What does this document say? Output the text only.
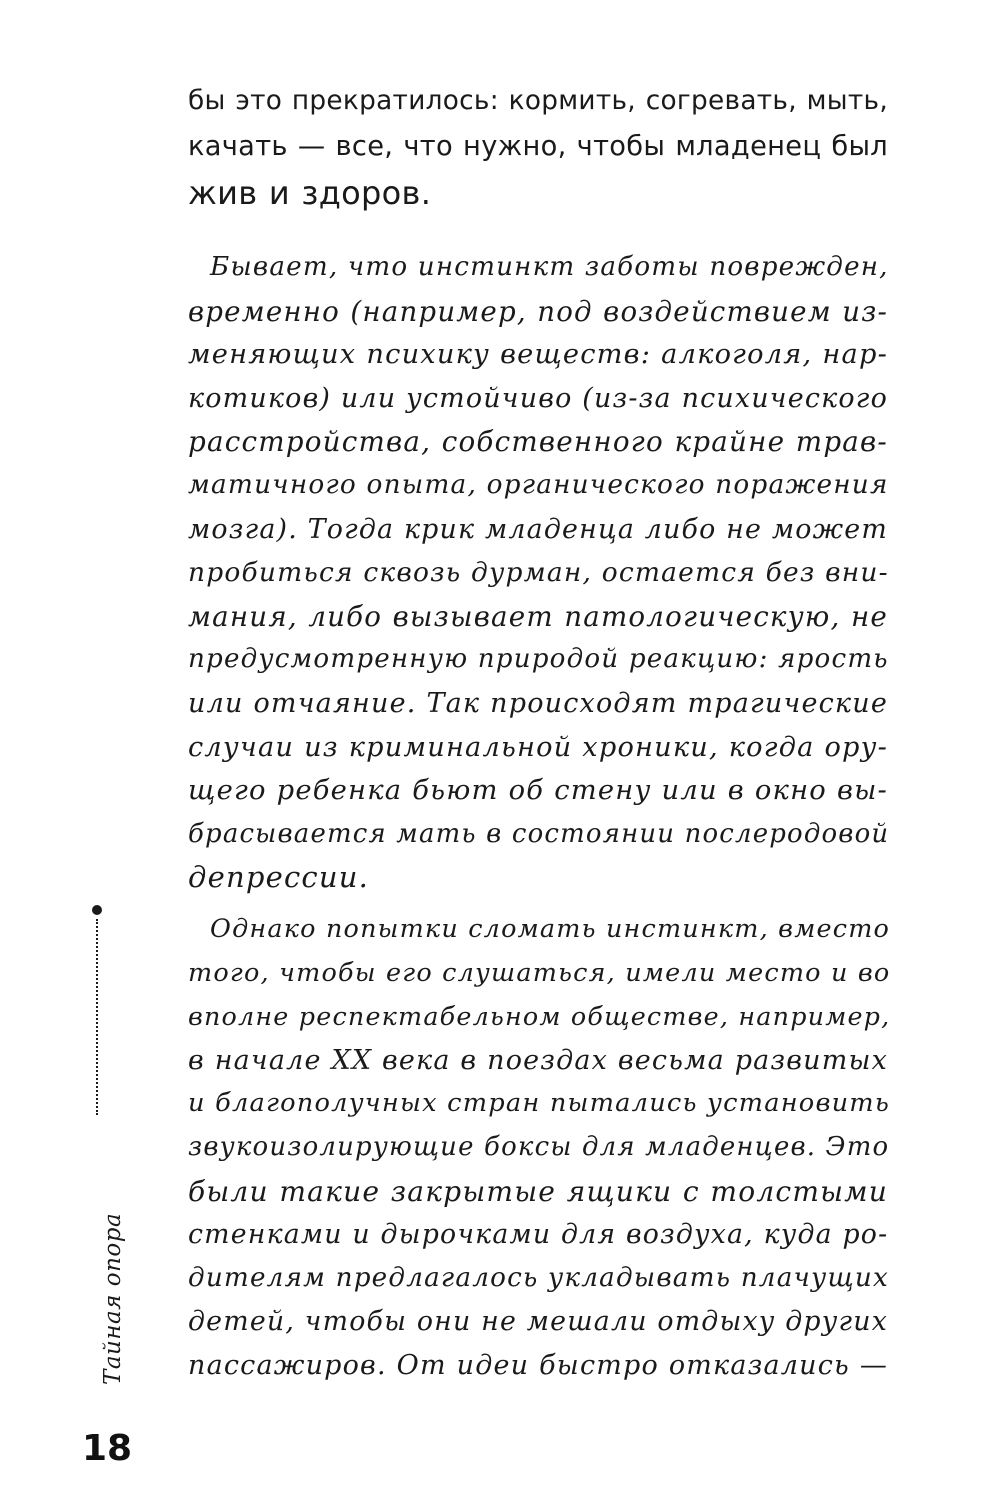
бы это прекратилось: кормить, согревать, мыть,
качать — все, что нужно, чтобы младенец был
жив и здоров.
Бывает, что инстинкт заботы поврежден,
временно (например, под воздействием из-
меняющих психику веществ: алкоголя, нар-
котиков) или устойчиво (из-за психического
расстройства, собственного крайне трав-
матичного опыта, органического поражения
мозга). Тогда крик младенца либо не может
пробиться сквозь дурман, остается без вни-
мания, либо вызывает патологическую, не
предусмотренную природой реакцию: ярость
или отчаяние. Так происходят трагические
случаи из криминальной хроники, когда ору-
щего ребенка бьют об стену или в окно вы-
брасывается мать в состоянии послеродовой
депрессии.
Однако попытки сломать инстинкт, вместо
того, чтобы его слушаться, имели место и во
вполне респектабельном обществе, например,
в начале XX века в поездах весьма развитых
и благополучных стран пытались установить
звукоизолирующие боксы для младенцев. Это
были такие закрытые ящики с толстыми
стенками и дырочками для воздуха, куда ро-
дителям предлагалось укладывать плачущих
детей, чтобы они не мешали отдыху других
пассажиров. От идеи быстро отказались —
Тайная опора
18
